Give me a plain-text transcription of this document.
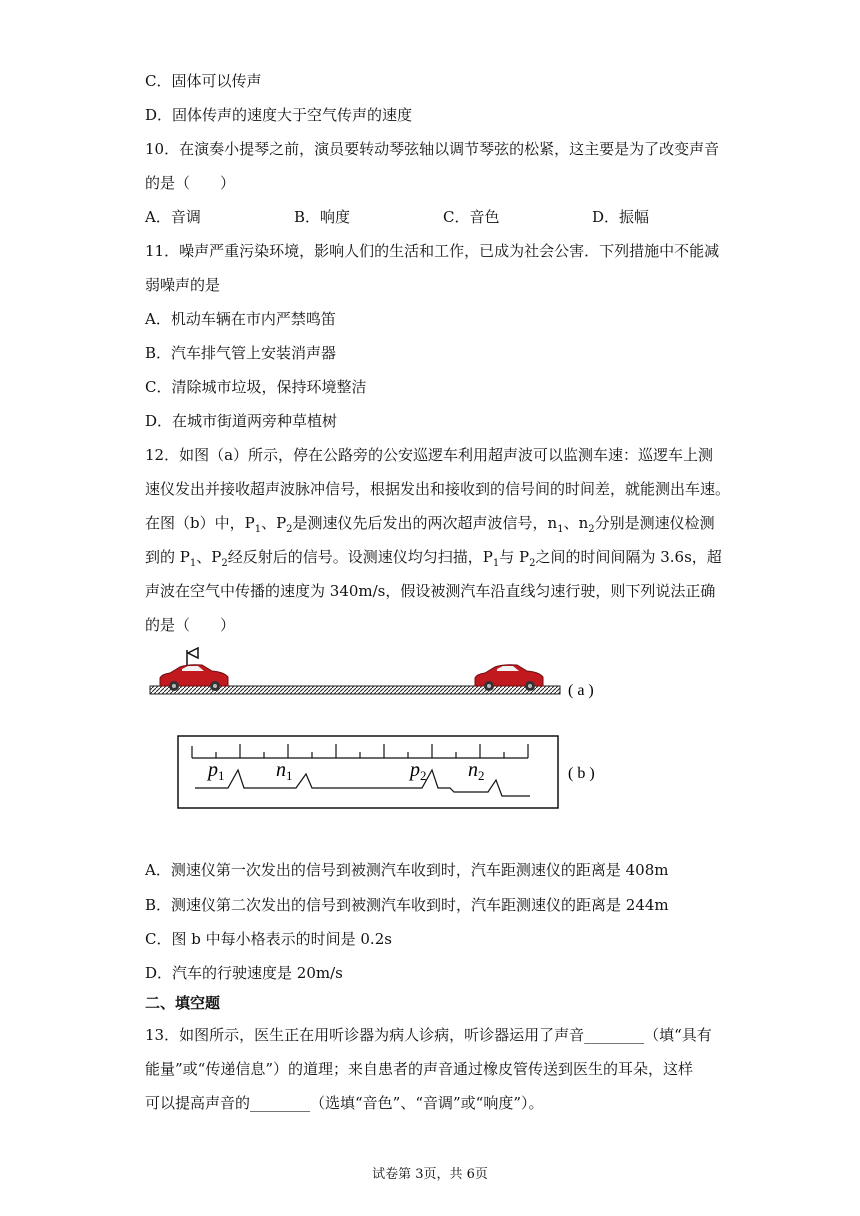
C．固体可以传声
D．固体传声的速度大于空气传声的速度
10．在演奏小提琴之前，演员要转动琴弦轴以调节琴弦的松紧，这主要是为了改变声音
的是（　　）
A．音调	B．响度	C．音色	D．振幅
11．噪声严重污染环境，影响人们的生活和工作，已成为社会公害．下列措施中不能减
弱噪声的是
A．机动车辆在市内严禁鸣笛
B．汽车排气管上安装消声器
C．清除城市垃圾，保持环境整洁
D．在城市街道两旁种草植树
12．如图（a）所示，停在公路旁的公安巡逻车利用超声波可以监测车速：巡逻车上测
速仪发出并接收超声波脉冲信号，根据发出和接收到的信号间的时间差，就能测出车速。
在图（b）中，$P_1$、$P_2$是测速仪先后发出的两次超声波信号，$n_1$、$n_2$分别是测速仪检测
到的 $P_1$、$P_2$经反射后的信号。设测速仪均匀扫描，$P_1$与 $P_2$之间的时间间隔为 3.6s，超
声波在空气中传播的速度为 340m/s，假设被测汽车沿直线匀速行驶，则下列说法正确
的是（　　）
( a )
$p_1$	$n_1$	$p_2$ $n_2$	( b )
A．测速仪第一次发出的信号到被测汽车收到时，汽车距测速仪的距离是 408m
B．测速仪第二次发出的信号到被测汽车收到时，汽车距测速仪的距离是 244m
C．图 b 中每小格表示的时间是 0.2s
D．汽车的行驶速度是 20m/s
二、填空题
13．如图所示，医生正在用听诊器为病人诊病，听诊器运用了声音________（填“具有
能量”或“传递信息”）的道理；来自患者的声音通过橡皮管传送到医生的耳朵，这样
可以提高声音的________（选填“音色”、“音调”或“响度”）。
试卷第 3页，共 6页
